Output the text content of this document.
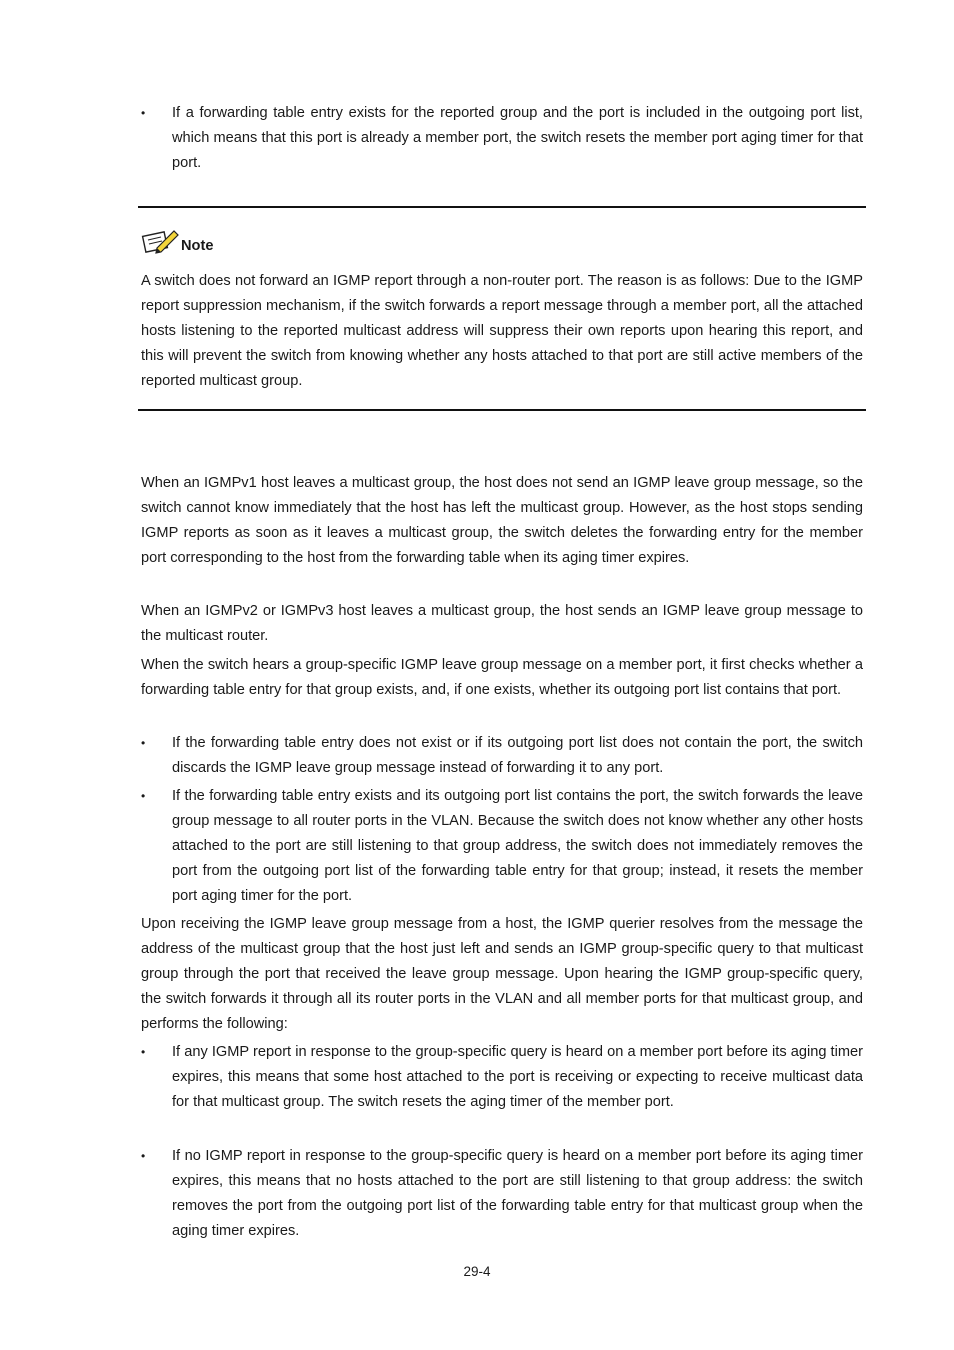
• If a forwarding table entry exists for the reported group and the port is included in the outgoing port list, which means that this port is already a member port, the switch resets the member port aging timer for that port.
Note

A switch does not forward an IGMP report through a non-router port. The reason is as follows: Due to the IGMP report suppression mechanism, if the switch forwards a report message through a member port, all the attached hosts listening to the reported multicast address will suppress their own reports upon hearing this report, and this will prevent the switch from knowing whether any hosts attached to that port are still active members of the reported multicast group.

When an IGMPv1 host leaves a multicast group, the host does not send an IGMP leave group message, so the switch cannot know immediately that the host has left the multicast group. However, as the host stops sending IGMP reports as soon as it leaves a multicast group, the switch deletes the forwarding entry for the member port corresponding to the host from the forwarding table when its aging timer expires.

When an IGMPv2 or IGMPv3 host leaves a multicast group, the host sends an IGMP leave group message to the multicast router.

When the switch hears a group-specific IGMP leave group message on a member port, it first checks whether a forwarding table entry for that group exists, and, if one exists, whether its outgoing port list contains that port.

• If the forwarding table entry does not exist or if its outgoing port list does not contain the port, the switch discards the IGMP leave group message instead of forwarding it to any port.
• If the forwarding table entry exists and its outgoing port list contains the port, the switch forwards the leave group message to all router ports in the VLAN. Because the switch does not know whether any other hosts attached to the port are still listening to that group address, the switch does not immediately removes the port from the outgoing port list of the forwarding table entry for that group; instead, it resets the member port aging timer for the port.

Upon receiving the IGMP leave group message from a host, the IGMP querier resolves from the message the address of the multicast group that the host just left and sends an IGMP group-specific query to that multicast group through the port that received the leave group message. Upon hearing the IGMP group-specific query, the switch forwards it through all its router ports in the VLAN and all member ports for that multicast group, and performs the following:

• If any IGMP report in response to the group-specific query is heard on a member port before its aging timer expires, this means that some host attached to the port is receiving or expecting to receive multicast data for that multicast group. The switch resets the aging timer of the member port.
• If no IGMP report in response to the group-specific query is heard on a member port before its aging timer expires, this means that no hosts attached to the port are still listening to that group address: the switch removes the port from the outgoing port list of the forwarding table entry for that multicast group when the aging timer expires.
29-4
